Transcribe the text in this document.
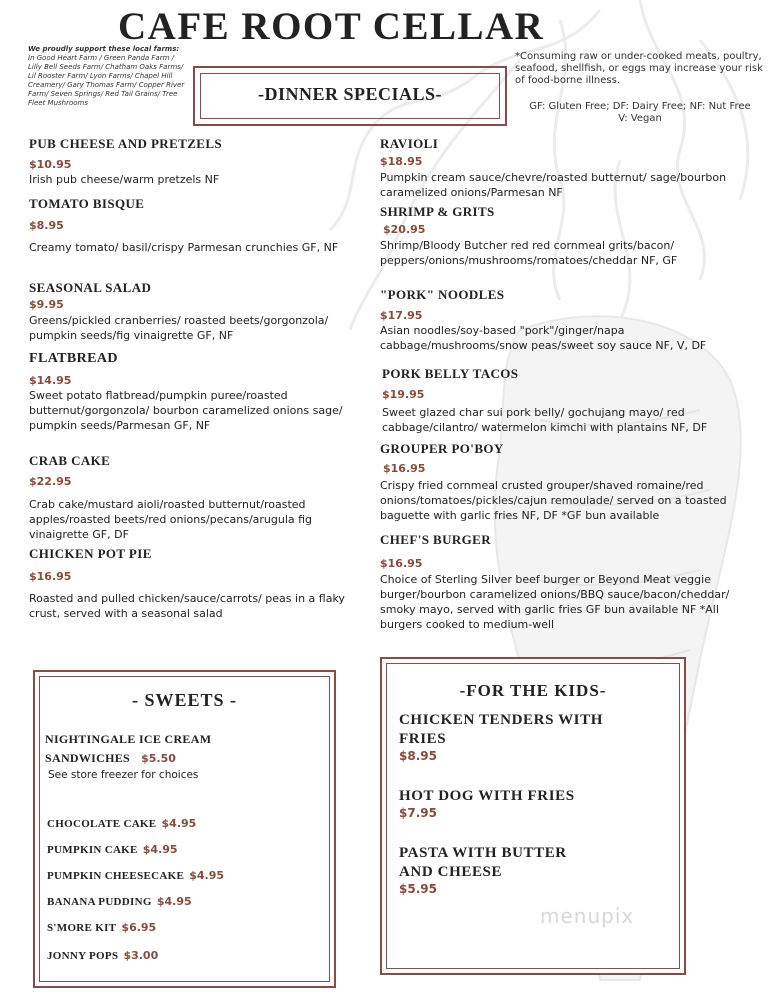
CAFE ROOT CELLAR
We proudly support these local farms:
In Good Heart Farm / Green Panda Farm / Lilly Bell Seeds Farm/ Chatham Oaks Farms/ Lil Rooster Farm/ Lyon Farms/ Chapel Hill Creamery/ Gary Thomas Farm/ Copper River Farm/ Seven Springs/ Red Tail Grains/ Tree Fleet Mushrooms	-DINNER SPECIALS-
*Consuming raw or under-cooked meats, poultry, seafood, shellfish, or eggs may increase your risk of food-borne illness.
GF: Gluten Free; DF: Dairy Free; NF: Nut Free
V: Vegan
PUB CHEESE AND PRETZELS
$10.95
Irish pub cheese/warm pretzels NF
TOMATO BISQUE
$8.95
Creamy tomato/ basil/crispy Parmesan crunchies GF, NF
SEASONAL SALAD
$9.95
Greens/pickled cranberries/ roasted beets/gorgonzola/ pumpkin seeds/fig vinaigrette GF, NF
FLATBREAD
$14.95
Sweet potato flatbread/pumpkin puree/roasted butternut/gorgonzola/ bourbon caramelized onions sage/ pumpkin seeds/Parmesan GF, NF
CRAB CAKE
$22.95
Crab cake/mustard aioli/roasted butternut/roasted apples/roasted beets/red onions/pecans/arugula fig vinaigrette GF, DF
CHICKEN POT PIE
$16.95
Roasted and pulled chicken/sauce/carrots/ peas in a flaky crust, served with a seasonal salad
RAVIOLI
$18.95
Pumpkin cream sauce/chevre/roasted butternut/ sage/bourbon caramelized onions/Parmesan NF
SHRIMP & GRITS
$20.95
Shrimp/Bloody Butcher red red cornmeal grits/bacon/ peppers/onions/mushrooms/romatoes/cheddar NF, GF
"PORK" NOODLES
$17.95
Asian noodles/soy-based "pork"/ginger/napa cabbage/mushrooms/snow peas/sweet soy sauce NF, V, DF
PORK BELLY TACOS
$19.95
Sweet glazed char sui pork belly/ gochujang mayo/ red cabbage/cilantro/ watermelon kimchi with plantains NF, DF
GROUPER PO'BOY
$16.95
Crispy fried cornmeal crusted grouper/shaved romaine/red onions/tomatoes/pickles/cajun remoulade/ served on a toasted baguette with garlic fries NF, DF *GF bun available
CHEF'S BURGER
$16.95
Choice of Sterling Silver beef burger or Beyond Meat veggie burger/bourbon caramelized onions/BBQ sauce/bacon/cheddar/ smoky mayo, served with garlic fries GF bun available NF *All burgers cooked to medium-well
- SWEETS -
NIGHTINGALE ICE CREAM
SANDWICHES $5.50
See store freezer for choices
CHOCOLATE CAKE $4.95
PUMPKIN CAKE $4.95
PUMPKIN CHEESECAKE $4.95
BANANA PUDDING $4.95
S'MORE KIT $6.95
JONNY POPS $3.00
-FOR THE KIDS-
CHICKEN TENDERS WITH
FRIES
$8.95
HOT DOG WITH FRIES
$7.95
PASTA WITH BUTTER
AND CHEESE
$5.95
menupix
